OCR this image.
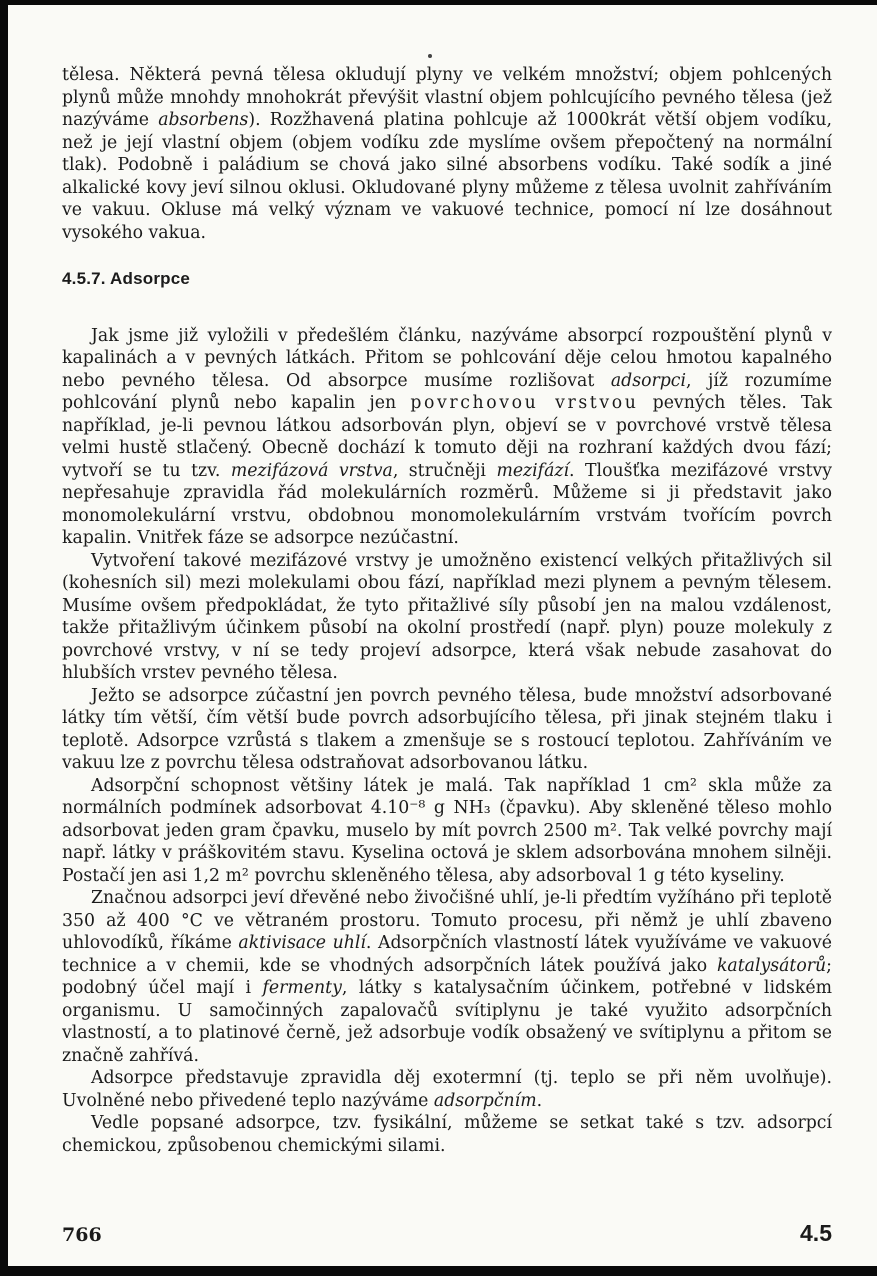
tělesa. Některá pevná tělesa okludují plyny ve velkém množství; objem pohlcených plynů může mnohdy mnohokrát převýšit vlastní objem pohlcujícího pevného tělesa (jež nazýváme absorbens). Rozžhavená platina pohlcuje až 1000krát větší objem vodíku, než je její vlastní objem (objem vodíku zde myslíme ovšem přepočtený na normální tlak). Podobně i paládium se chová jako silné absorbens vodíku. Také sodík a jiné alkalické kovy jeví silnou oklusi. Okludované plyny můžeme z tělesa uvolnit zahříváním ve vakuu. Okluse má velký význam ve vakuové technice, pomocí ní lze dosáhnout vysokého vakua.

4.5.7. Adsorpce

Jak jsme již vyložili v předešlém článku, nazýváme absorpcí rozpouštění plynů v kapalinách a v pevných látkách. Přitom se pohlcování děje celou hmotou kapalného nebo pevného tělesa. Od absorpce musíme rozlišovat adsorpci, jíž rozumíme pohlcování plynů nebo kapalin jen povrchovou vrstvou pevných těles. Tak například, je-li pevnou látkou adsorbován plyn, objeví se v povrchové vrstvě tělesa velmi hustě stlačený. Obecně dochází k tomuto ději na rozhraní každých dvou fází; vytvoří se tu tzv. mezifázová vrstva, stručněji mezifází. Tloušťka mezifázové vrstvy nepřesahuje zpravidla řád molekulárních rozměrů. Můžeme si ji představit jako monomolekulární vrstvu, obdobnou monomolekulárním vrstvám tvořícím povrch kapalin. Vnitřek fáze se adsorpce nezúčastní.

Vytvoření takové mezifázové vrstvy je umožněno existencí velkých přitažlivých sil (kohesních sil) mezi molekulami obou fází, například mezi plynem a pevným tělesem. Musíme ovšem předpokládat, že tyto přitažlivé síly působí jen na malou vzdálenost, takže přitažlivým účinkem působí na okolní prostředí (např. plyn) pouze molekuly z povrchové vrstvy, v ní se tedy projeví adsorpce, která však nebude zasahovat do hlubších vrstev pevného tělesa.

Ježto se adsorpce zúčastní jen povrch pevného tělesa, bude množství adsorbované látky tím větší, čím větší bude povrch adsorbujícího tělesa, při jinak stejném tlaku i teplotě. Adsorpce vzrůstá s tlakem a zmenšuje se s rostoucí teplotou. Zahříváním ve vakuu lze z povrchu tělesa odstraňovat adsorbovanou látku.

Adsorpční schopnost většiny látek je malá. Tak například 1 cm² skla může za normálních podmínek adsorbovat 4.10⁻⁸ g NH₃ (čpavku). Aby skleněné těleso mohlo adsorbovat jeden gram čpavku, muselo by mít povrch 2500 m². Tak velké povrchy mají např. látky v práškovitém stavu. Kyselina octová je sklem adsorbována mnohem silněji. Postačí jen asi 1,2 m² povrchu skleněného tělesa, aby adsorboval 1 g této kyseliny.

Značnou adsorpci jeví dřevěné nebo živočišné uhlí, je-li předtím vyžíháno při teplotě 350 až 400 °C ve větraném prostoru. Tomuto procesu, při němž je uhlí zbaveno uhlovodíků, říkáme aktivisace uhlí. Adsorpčních vlastností látek využíváme ve vakuové technice a v chemii, kde se vhodných adsorpčních látek používá jako katalysátorů; podobný účel mají i fermenty, látky s katalysačním účinkem, potřebné v lidském organismu. U samočinných zapalovačů svítiplynu je také využito adsorpčních vlastností, a to platinové černě, jež adsorbuje vodík obsažený ve svítiplynu a přitom se značně zahřívá.

Adsorpce představuje zpravidla děj exotermní (tj. teplo se při něm uvolňuje). Uvolněné nebo přivedené teplo nazýváme adsorpčním.

Vedle popsané adsorpce, tzv. fysikální, můžeme se setkat také s tzv. adsorpcí chemickou, způsobenou chemickými silami.

766	4.5
